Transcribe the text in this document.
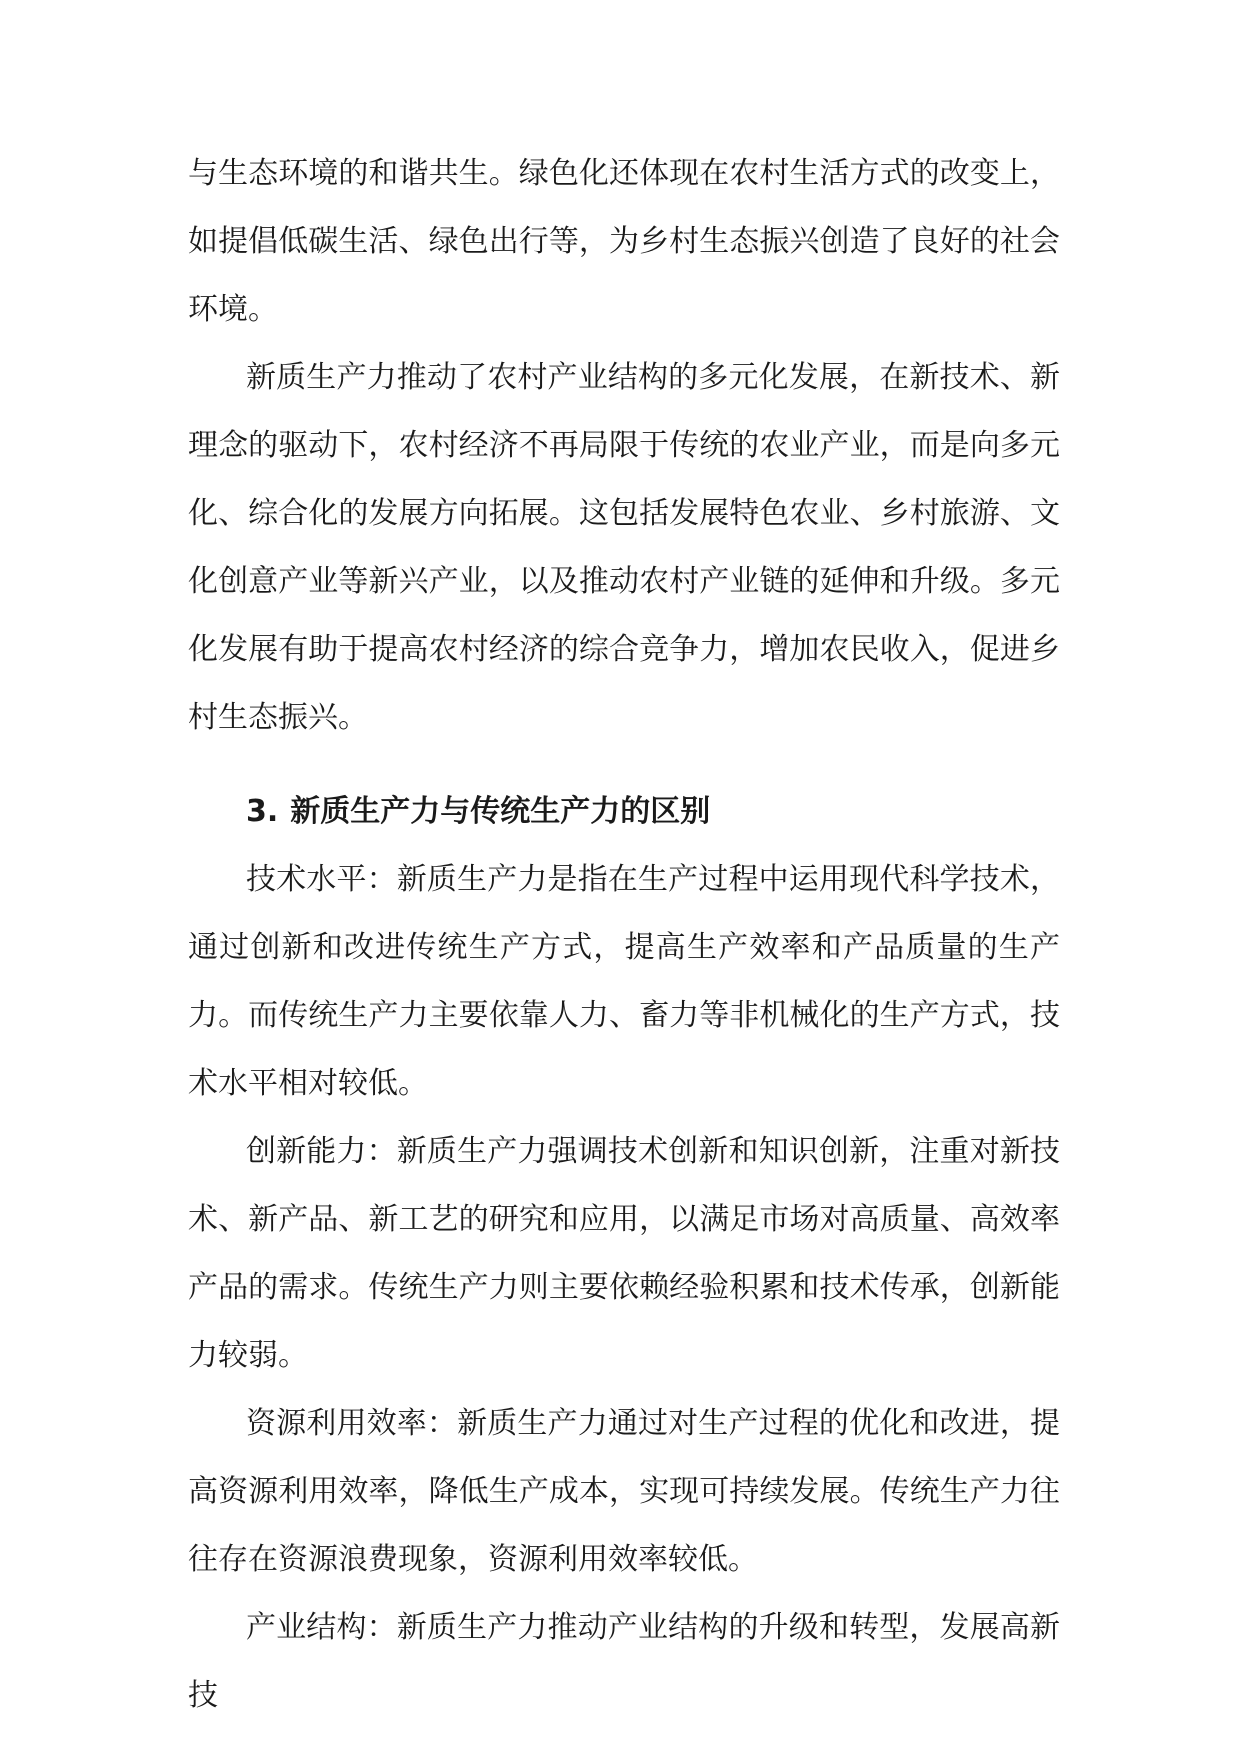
与生态环境的和谐共生。绿色化还体现在农村生活方式的改变上，如提倡低碳生活、绿色出行等，为乡村生态振兴创造了良好的社会环境。

新质生产力推动了农村产业结构的多元化发展，在新技术、新理念的驱动下，农村经济不再局限于传统的农业产业，而是向多元化、综合化的发展方向拓展。这包括发展特色农业、乡村旅游、文化创意产业等新兴产业，以及推动农村产业链的延伸和升级。多元化发展有助于提高农村经济的综合竞争力，增加农民收入，促进乡村生态振兴。

3. 新质生产力与传统生产力的区别

技术水平：新质生产力是指在生产过程中运用现代科学技术，通过创新和改进传统生产方式，提高生产效率和产品质量的生产力。而传统生产力主要依靠人力、畜力等非机械化的生产方式，技术水平相对较低。

创新能力：新质生产力强调技术创新和知识创新，注重对新技术、新产品、新工艺的研究和应用，以满足市场对高质量、高效率产品的需求。传统生产力则主要依赖经验积累和技术传承，创新能力较弱。

资源利用效率：新质生产力通过对生产过程的优化和改进，提高资源利用效率，降低生产成本，实现可持续发展。传统生产力往往存在资源浪费现象，资源利用效率较低。

产业结构：新质生产力推动产业结构的升级和转型，发展高新技
